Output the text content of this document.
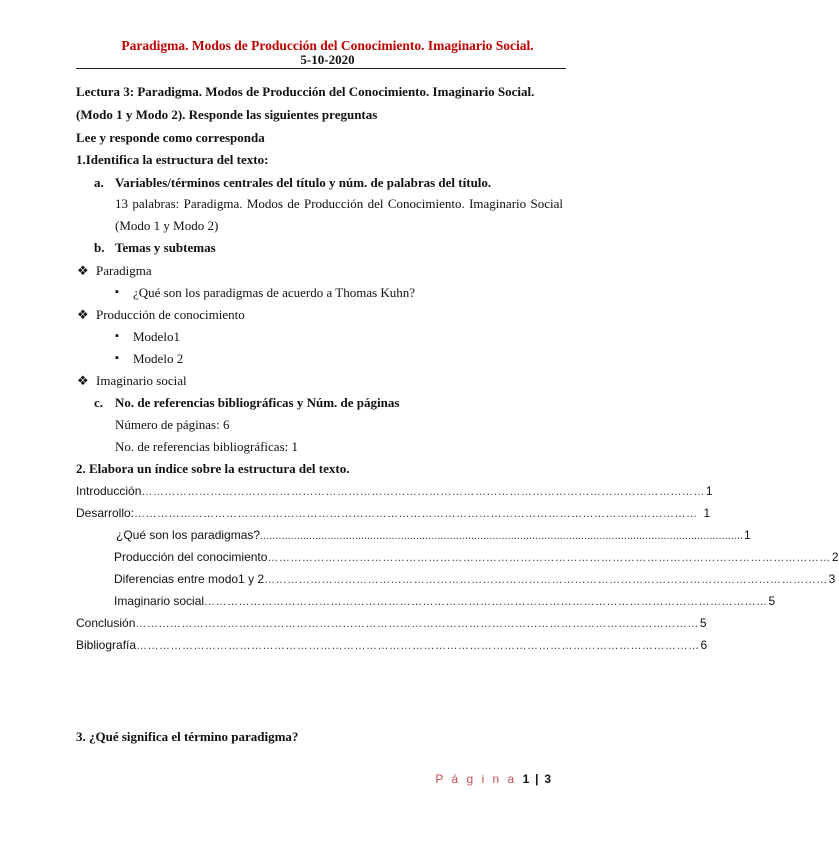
Paradigma. Modos de Producción del Conocimiento. Imaginario Social.
5-10-2020
Lectura 3: Paradigma. Modos de Producción del Conocimiento. Imaginario Social.
(Modo 1 y Modo 2). Responde las siguientes preguntas
Lee y responde como corresponda
1.Identifica la estructura del texto:
a. Variables/términos centrales del título y núm. de palabras del título.
13 palabras: Paradigma. Modos de Producción del Conocimiento. Imaginario Social
(Modo 1 y Modo 2)
b. Temas y subtemas
❖ Paradigma
▪ ¿Qué son los paradigmas de acuerdo a Thomas Kuhn?
❖ Producción de conocimiento
▪ Modelo1
▪ Modelo 2
❖ Imaginario social
c. No. de referencias bibliográficas y Núm. de páginas
Número de páginas: 6
No. de referencias bibliográficas: 1
2. Elabora un índice sobre la estructura del texto.
Introducción ………………………………………………………………………………………………………………………………… 1
Desarrollo: ………………………………………………………………………………………………………………………………… 1
¿Qué son los paradigmas? .............................................................................................................................................................. 1
Producción del conocimiento ………………………………………………………………………………………………………………………………… 2
Diferencias entre modo1 y 2 ………………………………………………………………………………………………………………………………… 3
Imaginario social ………………………………………………………………………………………………………………………………… 5
Conclusión ………………………………………………………………………………………………………………………………… 5
Bibliografía ………………………………………………………………………………………………………………………………… 6
3. ¿Qué significa el término paradigma?
P á g i n a 1 | 3
